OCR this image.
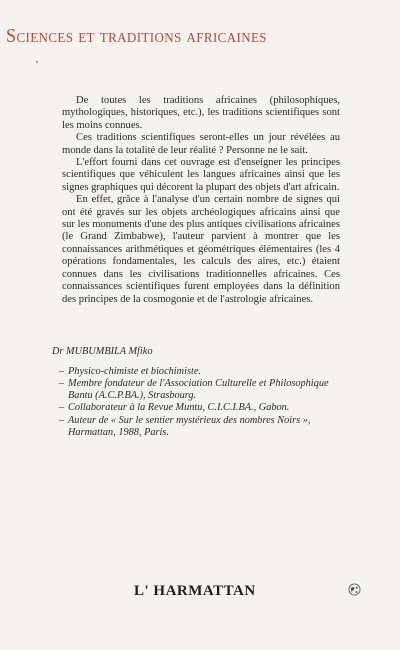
Sciences et traditions africaines

De toutes les traditions africaines (philosophiques, mythologiques, historiques, etc.), les traditions scientifiques sont les moins connues.

Ces traditions scientifiques seront-elles un jour révélées au monde dans la totalité de leur réalité ? Personne ne le sait.

L'effort fourni dans cet ouvrage est d'enseigner les principes scientifiques que véhiculent les langues africaines ainsi que les signes graphiques qui décorent la plupart des objets d'art africain.

En effet, grâce à l'analyse d'un certain nombre de signes qui ont été gravés sur les objets archéologiques africains ainsi que sur les monuments d'une des plus antiques civilisations africaines (le Grand Zimbabwe), l'auteur parvient à montrer que les connaissances arithmétiques et géométriques élémentaires (les 4 opérations fondamentales, les calculs des aires, etc.) étaient connues dans les civilisations traditionnelles africaines. Ces connaissances scientifiques furent employées dans la définition des principes de la cosmogonie et de l'astrologie africaines.

Dr MUBUMBILA Mfiko

– Physico-chimiste et biochimiste.
– Membre fondateur de l'Association Culturelle et Philosophique Bantu (A.C.P.BA.), Strasbourg.
– Collaborateur à la Revue Muntu, C.I.C.I.BA., Gabon.
– Auteur de « Sur le sentier mystérieux des nombres Noirs », Harmattan, 1988, Paris.
L' HARMATTAN
